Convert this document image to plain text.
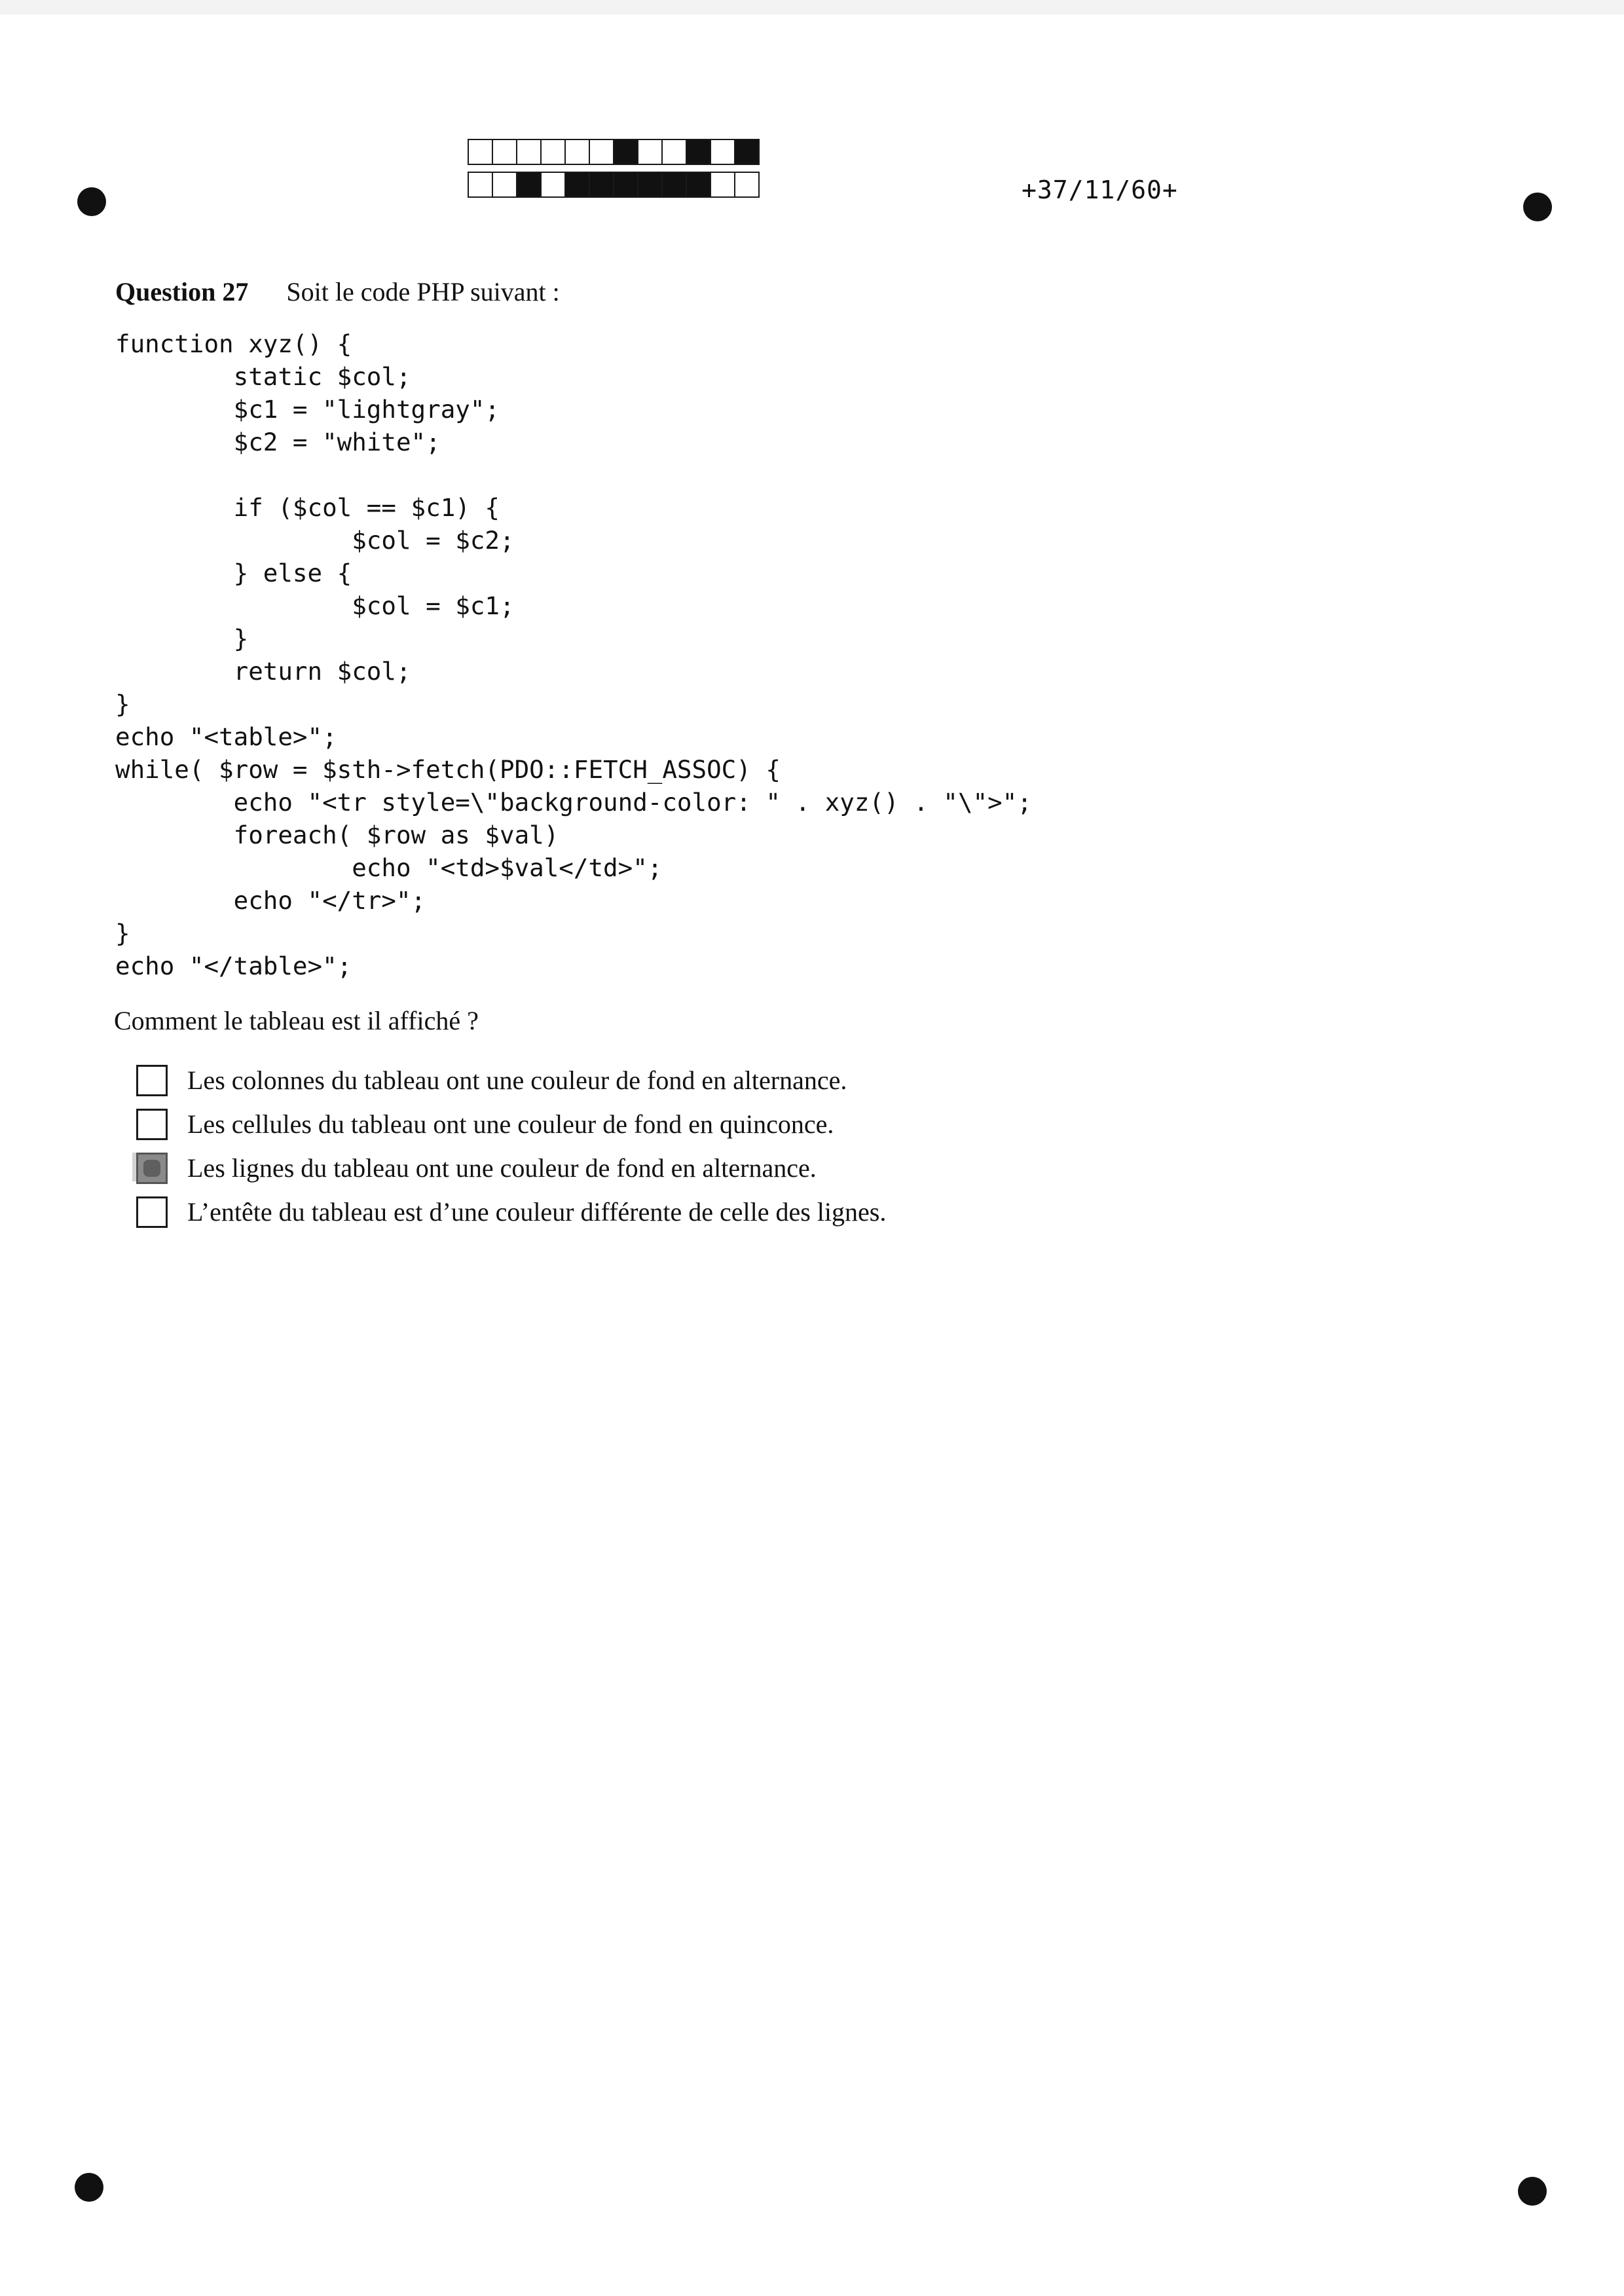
+37/11/60+
Question 27 Soit le code PHP suivant :
function xyz() {
static $col;
$c1 = "lightgray";
$c2 = "white";

if ($col == $c1) {
$col = $c2;
} else {
$col = $c1;
}
return $col;
}
echo "<table>";
while( $row = $sth->fetch(PDO::FETCH_ASSOC) {
echo "<tr style=\"background-color: " . xyz() . "\">";
foreach( $row as $val)
echo "<td>$val</td>";
echo "</tr>";
}
echo "</table>";
Comment le tableau est il affiché ?
Les colonnes du tableau ont une couleur de fond en alternance.
Les cellules du tableau ont une couleur de fond en quinconce.
Les lignes du tableau ont une couleur de fond en alternance.
L’entête du tableau est d’une couleur différente de celle des lignes.
